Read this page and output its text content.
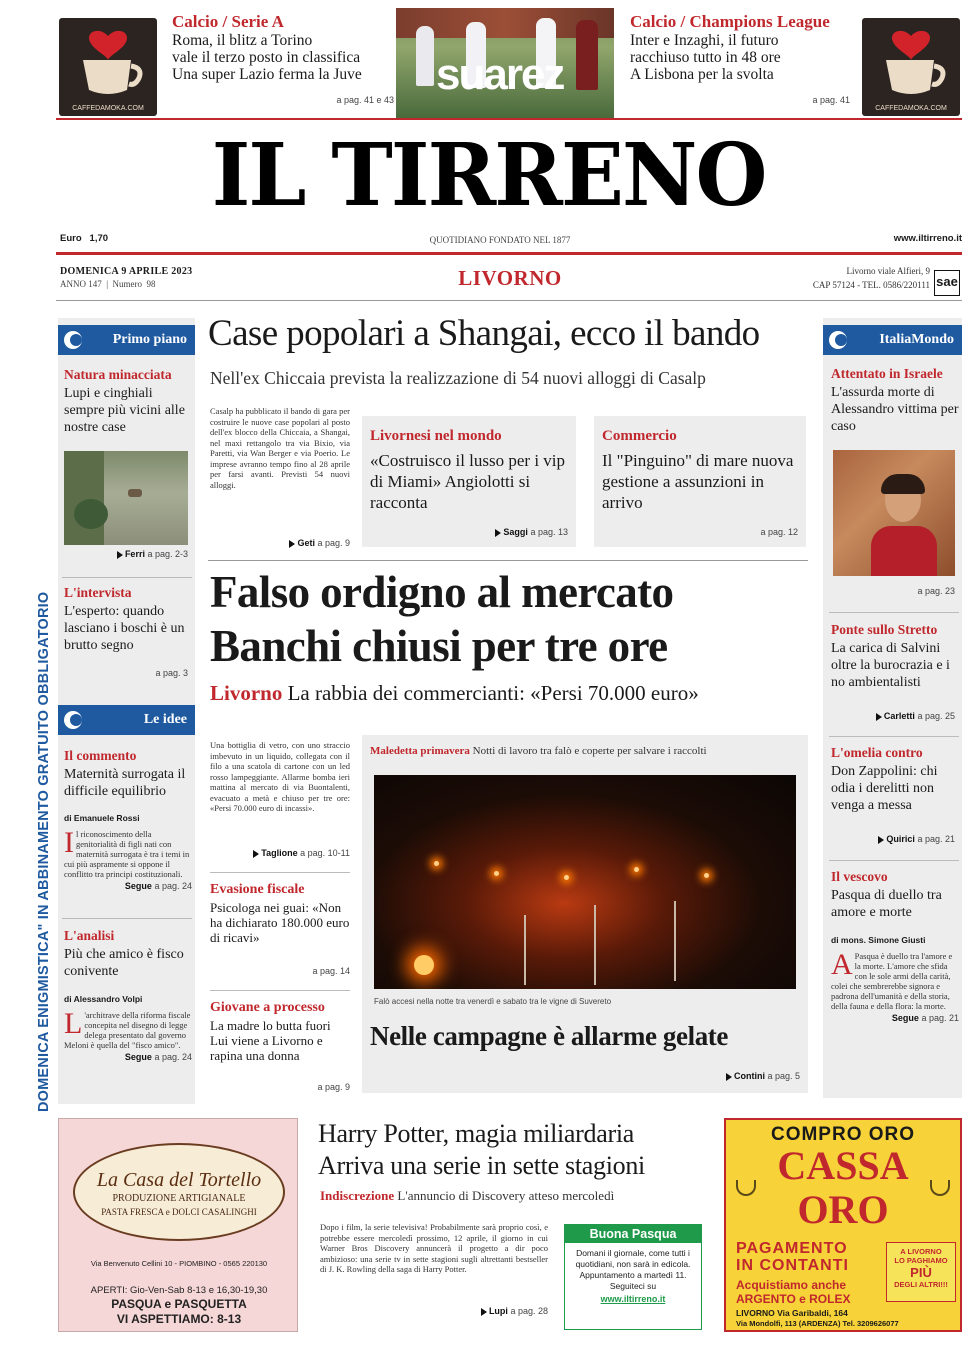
CAFFEDAMOKA.COM
Calcio / Serie A
Roma, il blitz a Torino
vale il terzo posto in classifica
Una super Lazio ferma la Juve
a pag. 41 e 43
suarez
Calcio / Champions League
Inter e Inzaghi, il futuro
racchiuso tutto in 48 ore
A Lisbona per la svolta
a pag. 41
CAFFEDAMOKA.COM
IL TIRRENO
Euro   1,70	QUOTIDIANO FONDATO NEL 1877	www.iltirreno.it
DOMENICA 9 APRILE 2023
ANNO 147  |  Numero  98	LIVORNO	Livorno viale Alfieri, 9
CAP 57124 - TEL. 0586/220111 sae
DOMENICA ENIGMISTICA" IN ABBINAMENTO GRATUITO OBBLIGATORIO
Primo piano
Natura minacciata
Lupi e cinghiali sempre più vicini alle nostre case
Ferri a pag. 2-3
L'intervista
L'esperto: quando lasciano i boschi è un brutto segno
a pag. 3
Le idee
Il commento
Maternità surrogata il difficile equilibrio
di Emanuele Rossi
Il riconoscimento della genitorialità di figli nati con maternità surrogata è tra i temi in cui più aspramente si oppone il conflitto tra principi costituzionali.
Segue a pag. 24
L'analisi
Più che amico è fisco conivente
di Alessandro Volpi
L 'architrave della riforma fiscale concepita nel disegno di legge delega presentato dal governo Meloni è quella del "fisco amico".
Segue a pag. 24
Case popolari a Shangai, ecco il bando
Nell'ex Chiccaia prevista la realizzazione di 54 nuovi alloggi di Casalp
Casalp ha pubblicato il bando di gara per costruire le nuove case popolari al posto dell'ex blocco della Chiccaia, a Shangai, nel maxi rettangolo tra via Bixio, via Paretti, via Wan Berger e via Poerio. Le imprese avranno tempo fino al 28 aprile per farsi avanti. Previsti 54 nuovi alloggi.
Geti a pag. 9
Livornesi nel mondo
«Costruisco il lusso per i vip di Miami» Angiolotti si racconta
Saggi a pag. 13
Commercio
Il "Pinguino" di mare nuova gestione a assunzioni in arrivo
a pag. 12
Falso ordigno al mercato
Banchi chiusi per tre ore
Livorno La rabbia dei commercianti: «Persi 70.000 euro»
Una bottiglia di vetro, con uno straccio imbevuto in un liquido, collegata con il filo a una scatola di cartone con un led rosso lampeggiante. Allarme bomba ieri mattina al mercato di via Buontalenti, evacuato a metà e chiuso per tre ore: «Persi 70.000 euro di incassi».
Taglione a pag. 10-11
Evasione fiscale
Psicologa nei guai: «Non ha dichiarato 180.000 euro di ricavi»
a pag. 14
Giovane a processo
La madre lo butta fuori Lui viene a Livorno e rapina una donna
a pag. 9
Maledetta primavera Notti di lavoro tra falò e coperte per salvare i raccolti
Falò accesi nella notte tra venerdì e sabato tra le vigne di Suvereto
Nelle campagne è allarme gelate
Contini a pag. 5
ItaliaMondo
Attentato in Israele
L'assurda morte di Alessandro vittima per caso
a pag. 23
Ponte sullo Stretto
La carica di Salvini oltre la burocrazia e i no ambientalisti
Carletti a pag. 25
L'omelia contro
Don Zappolini: chi odia i derelitti non venga a messa
Quirici a pag. 21
Il vescovo
Pasqua di duello tra amore e morte
di mons. Simone Giusti
A Pasqua è duello tra l'amore e la morte. L'amore che sfida con le sole armi della carità, colei che sembrerebbe signora e padrona dell'umanità e della storia, della fauna e della flora: la morte.
Segue a pag. 21
La Casa del Tortello
PRODUZIONE ARTIGIANALE
PASTA FRESCA e DOLCI CASALINGHI
Via Benvenuto Cellini 10 - PIOMBINO - 0565 220130
APERTI: Gio-Ven-Sab 8-13 e 16,30-19,30
PASQUA e PASQUETTA
VI ASPETTIAMO: 8-13
Harry Potter, magia miliardaria
Arriva una serie in sette stagioni
Indiscrezione L'annuncio di Discovery atteso mercoledì
Dopo i film, la serie televisiva! Probabilmente sarà proprio così, e potrebbe essere mercoledì prossimo, 12 aprile, il giorno in cui Warner Bros Discovery annuncerà il progetto a dir poco ambizioso: una serie tv in sette stagioni sugli altrettanti bestseller di J. K. Rowling della saga di Harry Potter.
Lupi a pag. 28
Buona Pasqua
Domani il giornale, come tutti i quotidiani, non sarà in edicola. Appuntamento a martedì 11. Seguiteci su
www.iltirreno.it
COMPRO ORO
CASSA
ORO
PAGAMENTO
IN CONTANTI
Acquistiamo anche
ARGENTO e ROLEX
A LIVORNO
LO PAGHIAMO
PIÙ
DEGLI ALTRI!!!
LIVORNO Via Garibaldi, 164
Via Mondolfi, 113 (ARDENZA) Tel. 3209626077
